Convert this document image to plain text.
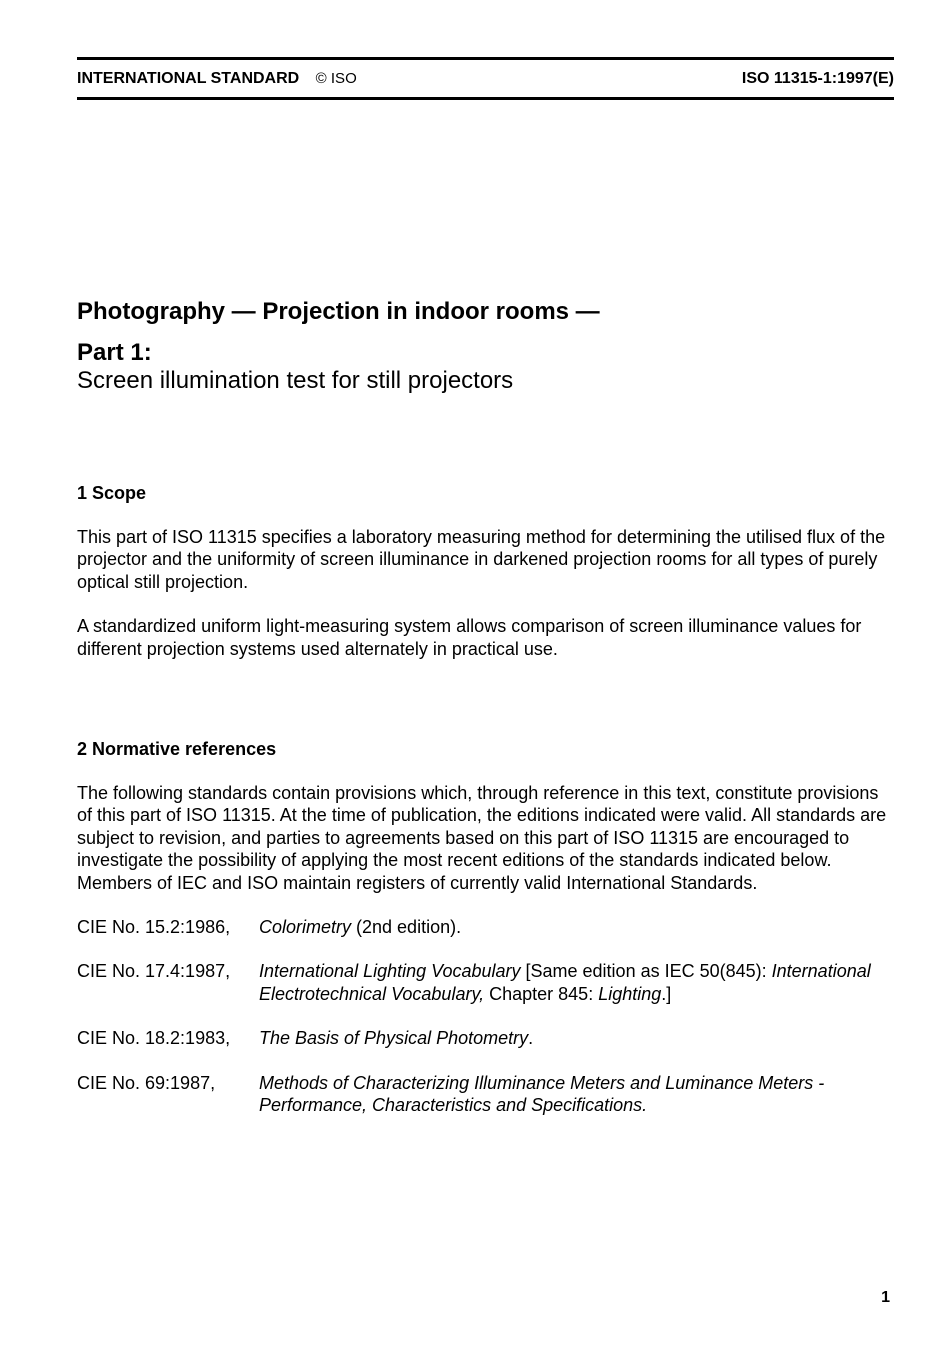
INTERNATIONAL STANDARD © ISO	ISO 11315-1:1997(E)
Photography — Projection in indoor rooms —
Part 1:
Screen illumination test for still projectors
1 Scope
This part of ISO 11315 specifies a laboratory measuring method for determining the utilised flux of the projector and the uniformity of screen illuminance in darkened projection rooms for all types of purely optical still projection.
A standardized uniform light-measuring system allows comparison of screen illuminance values for different projection systems used alternately in practical use.
2 Normative references
The following standards contain provisions which, through reference in this text, constitute provisions of this part of ISO 11315. At the time of publication, the editions indicated were valid. All standards are subject to revision, and parties to agreements based on this part of ISO 11315 are encouraged to investigate the possibility of applying the most recent editions of the standards indicated below. Members of IEC and ISO maintain registers of currently valid International Standards.
CIE No. 15.2:1986,	Colorimetry (2nd edition).
CIE No. 17.4:1987,	International Lighting Vocabulary [Same edition as IEC 50(845): International Electrotechnical Vocabulary, Chapter 845: Lighting.]
CIE No. 18.2:1983,	The Basis of Physical Photometry.
CIE No. 69:1987,	Methods of Characterizing Illuminance Meters and Luminance Meters - Performance, Characteristics and Specifications.
1
